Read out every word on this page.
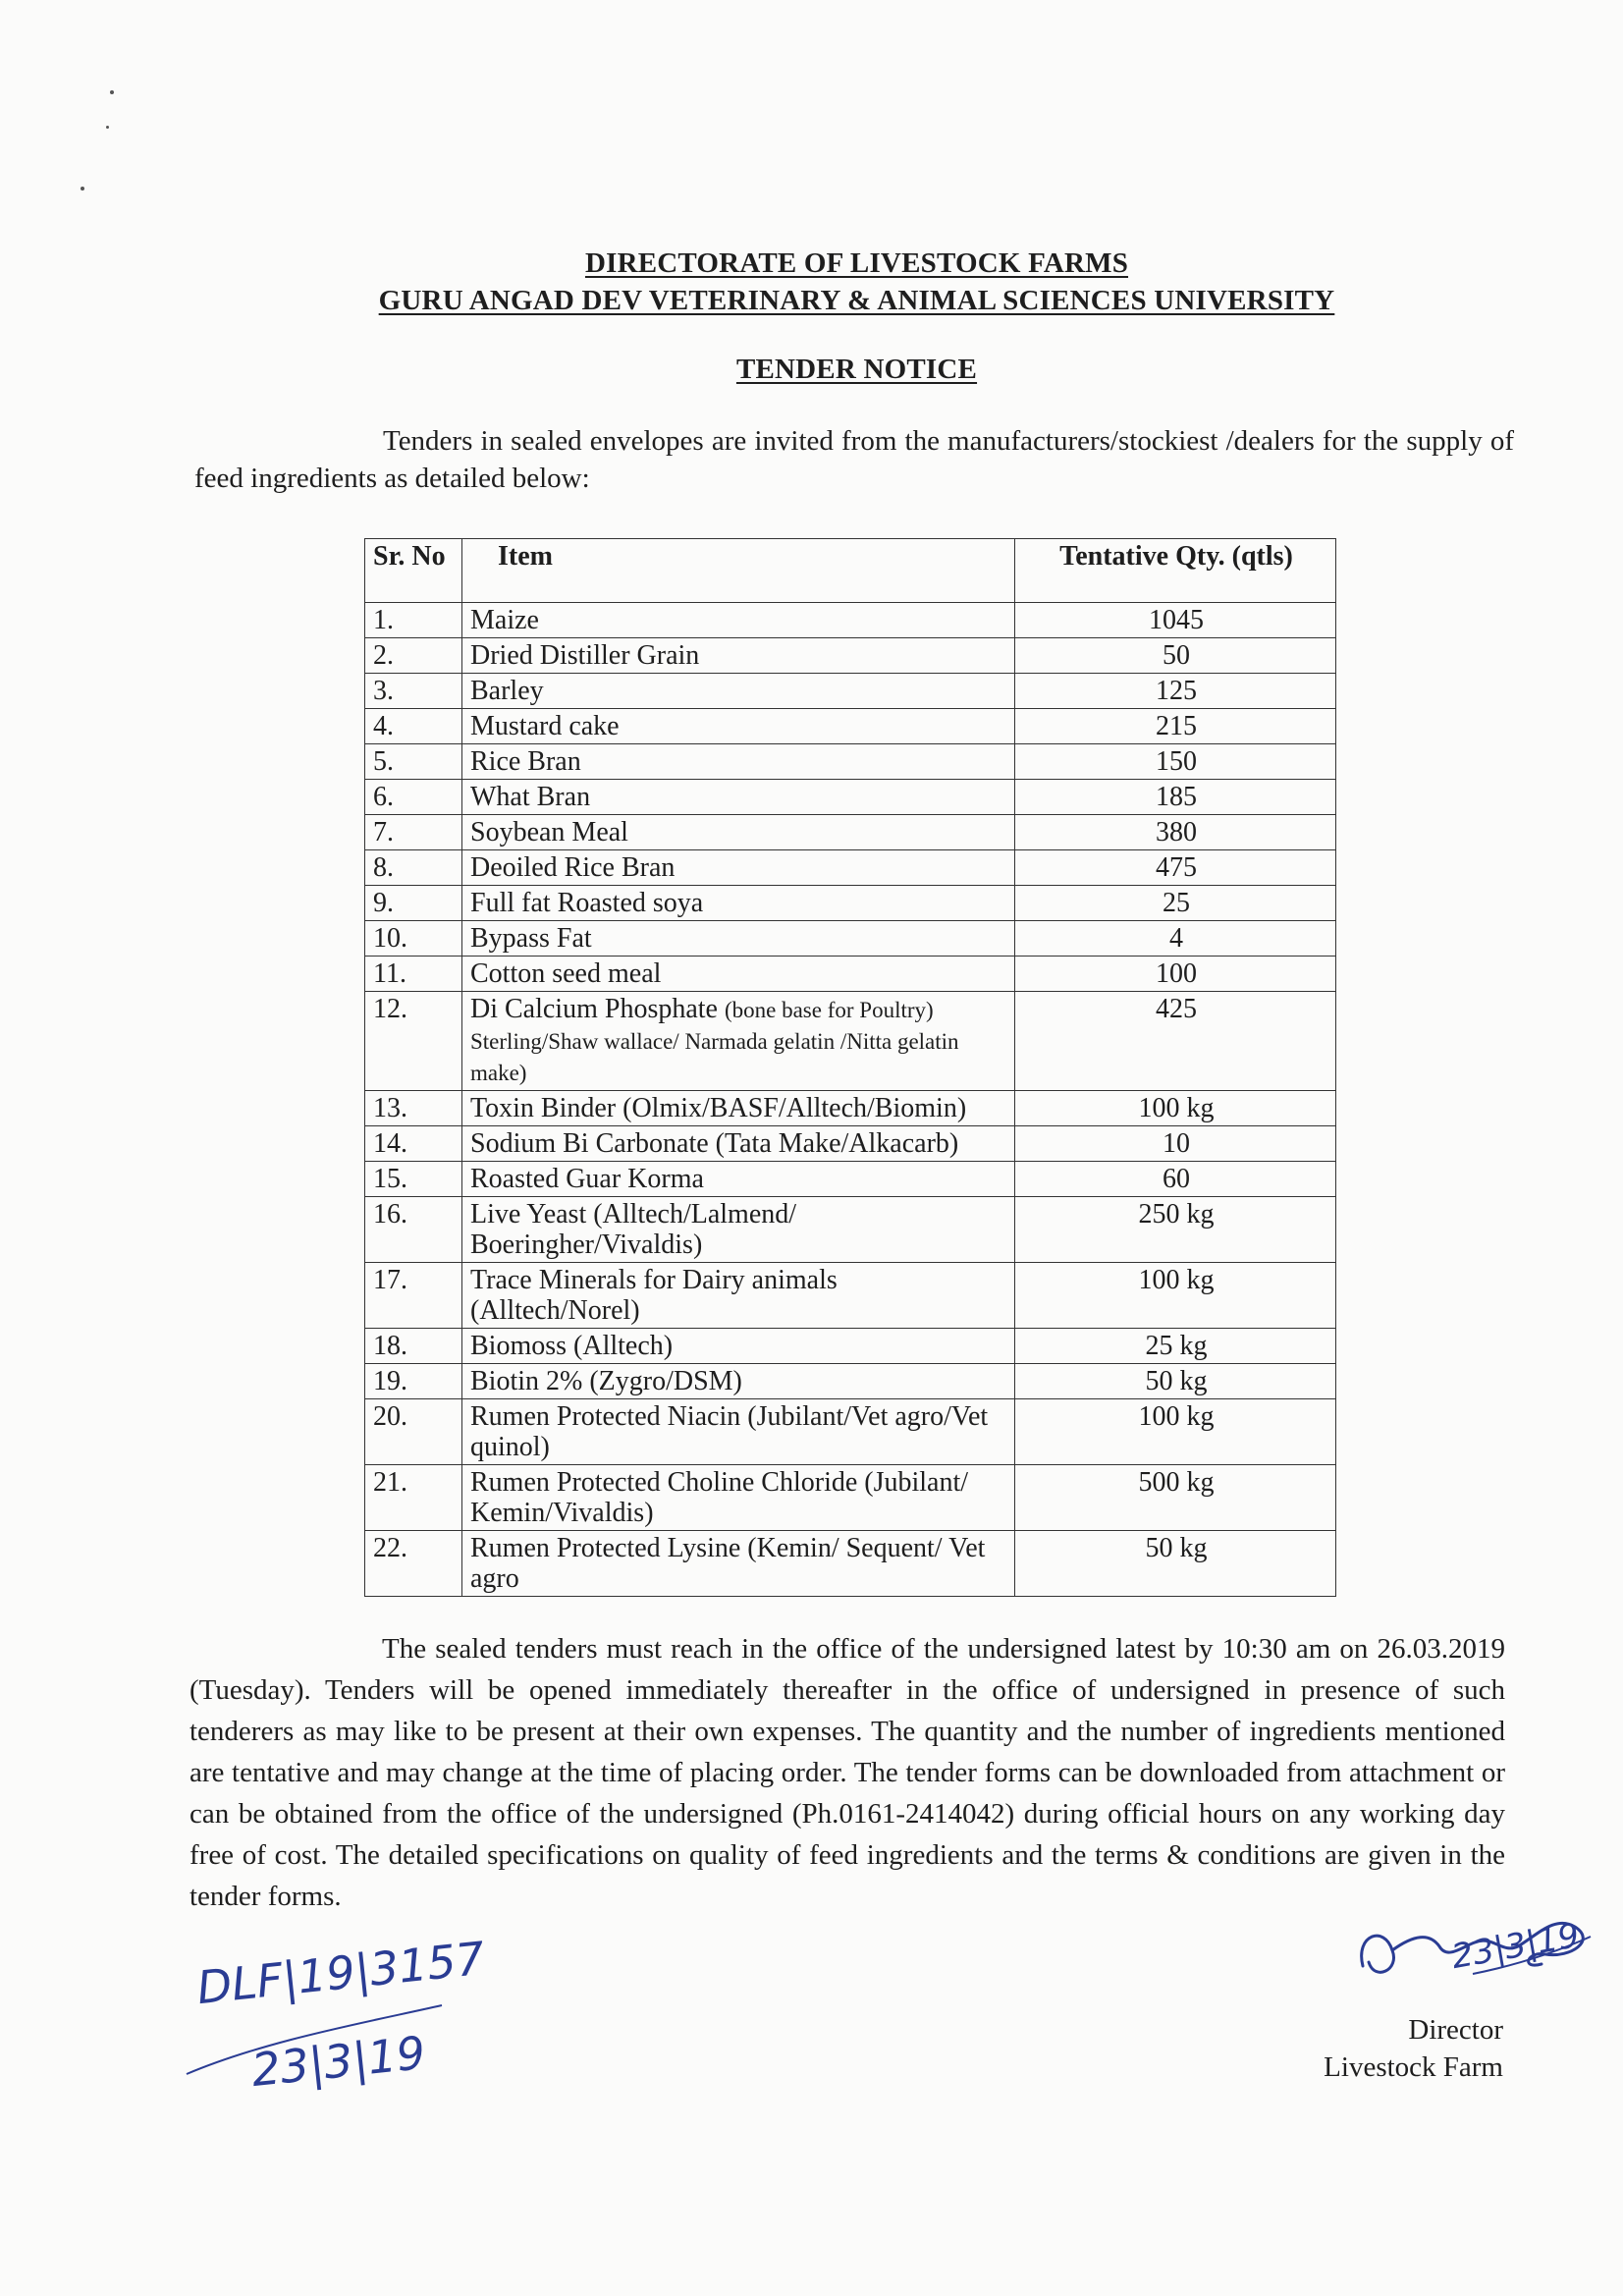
DIRECTORATE OF LIVESTOCK FARMS
GURU ANGAD DEV VETERINARY & ANIMAL SCIENCES UNIVERSITY
TENDER NOTICE
Tenders in sealed envelopes are invited from the manufacturers/stockiest /dealers for the supply of feed ingredients as detailed below:
Sr. No	Item	Tentative Qty. (qtls)
1.	Maize	1045
2.	Dried Distiller Grain	50
3.	Barley	125
4.	Mustard cake	215
5.	Rice Bran	150
6.	What Bran	185
7.	Soybean Meal	380
8.	Deoiled Rice Bran	475
9.	Full fat Roasted soya	25
10.	Bypass Fat	4
11.	Cotton seed meal	100
12.	Di Calcium Phosphate (bone base for Poultry) Sterling/Shaw wallace/ Narmada gelatin /Nitta gelatin make)	425
13.	Toxin Binder (Olmix/BASF/Alltech/Biomin)	100 kg
14.	Sodium Bi Carbonate (Tata Make/Alkacarb)	10
15.	Roasted Guar Korma	60
16.	Live Yeast (Alltech/Lalmend/ Boeringher/Vivaldis)	250 kg
17.	Trace Minerals for Dairy animals (Alltech/Norel)	100 kg
18.	Biomoss (Alltech)	25 kg
19.	Biotin 2% (Zygro/DSM)	50 kg
20.	Rumen Protected Niacin (Jubilant/Vet agro/Vet quinol)	100 kg
21.	Rumen Protected Choline Chloride (Jubilant/ Kemin/Vivaldis)	500 kg
22.	Rumen Protected Lysine (Kemin/ Sequent/ Vet agro	50 kg
The sealed tenders must reach in the office of the undersigned latest by 10:30 am on 26.03.2019 (Tuesday). Tenders will be opened immediately thereafter in the office of undersigned in presence of such tenderers as may like to be present at their own expenses. The quantity and the number of ingredients mentioned are tentative and may change at the time of placing order. The tender forms can be downloaded from attachment or can be obtained from the office of the undersigned (Ph.0161-2414042) during official hours on any working day free of cost. The detailed specifications on quality of feed ingredients and the terms & conditions are given in the tender forms.
DLF|19|3157
23|3|19
23|3|19
Director
Livestock Farm
